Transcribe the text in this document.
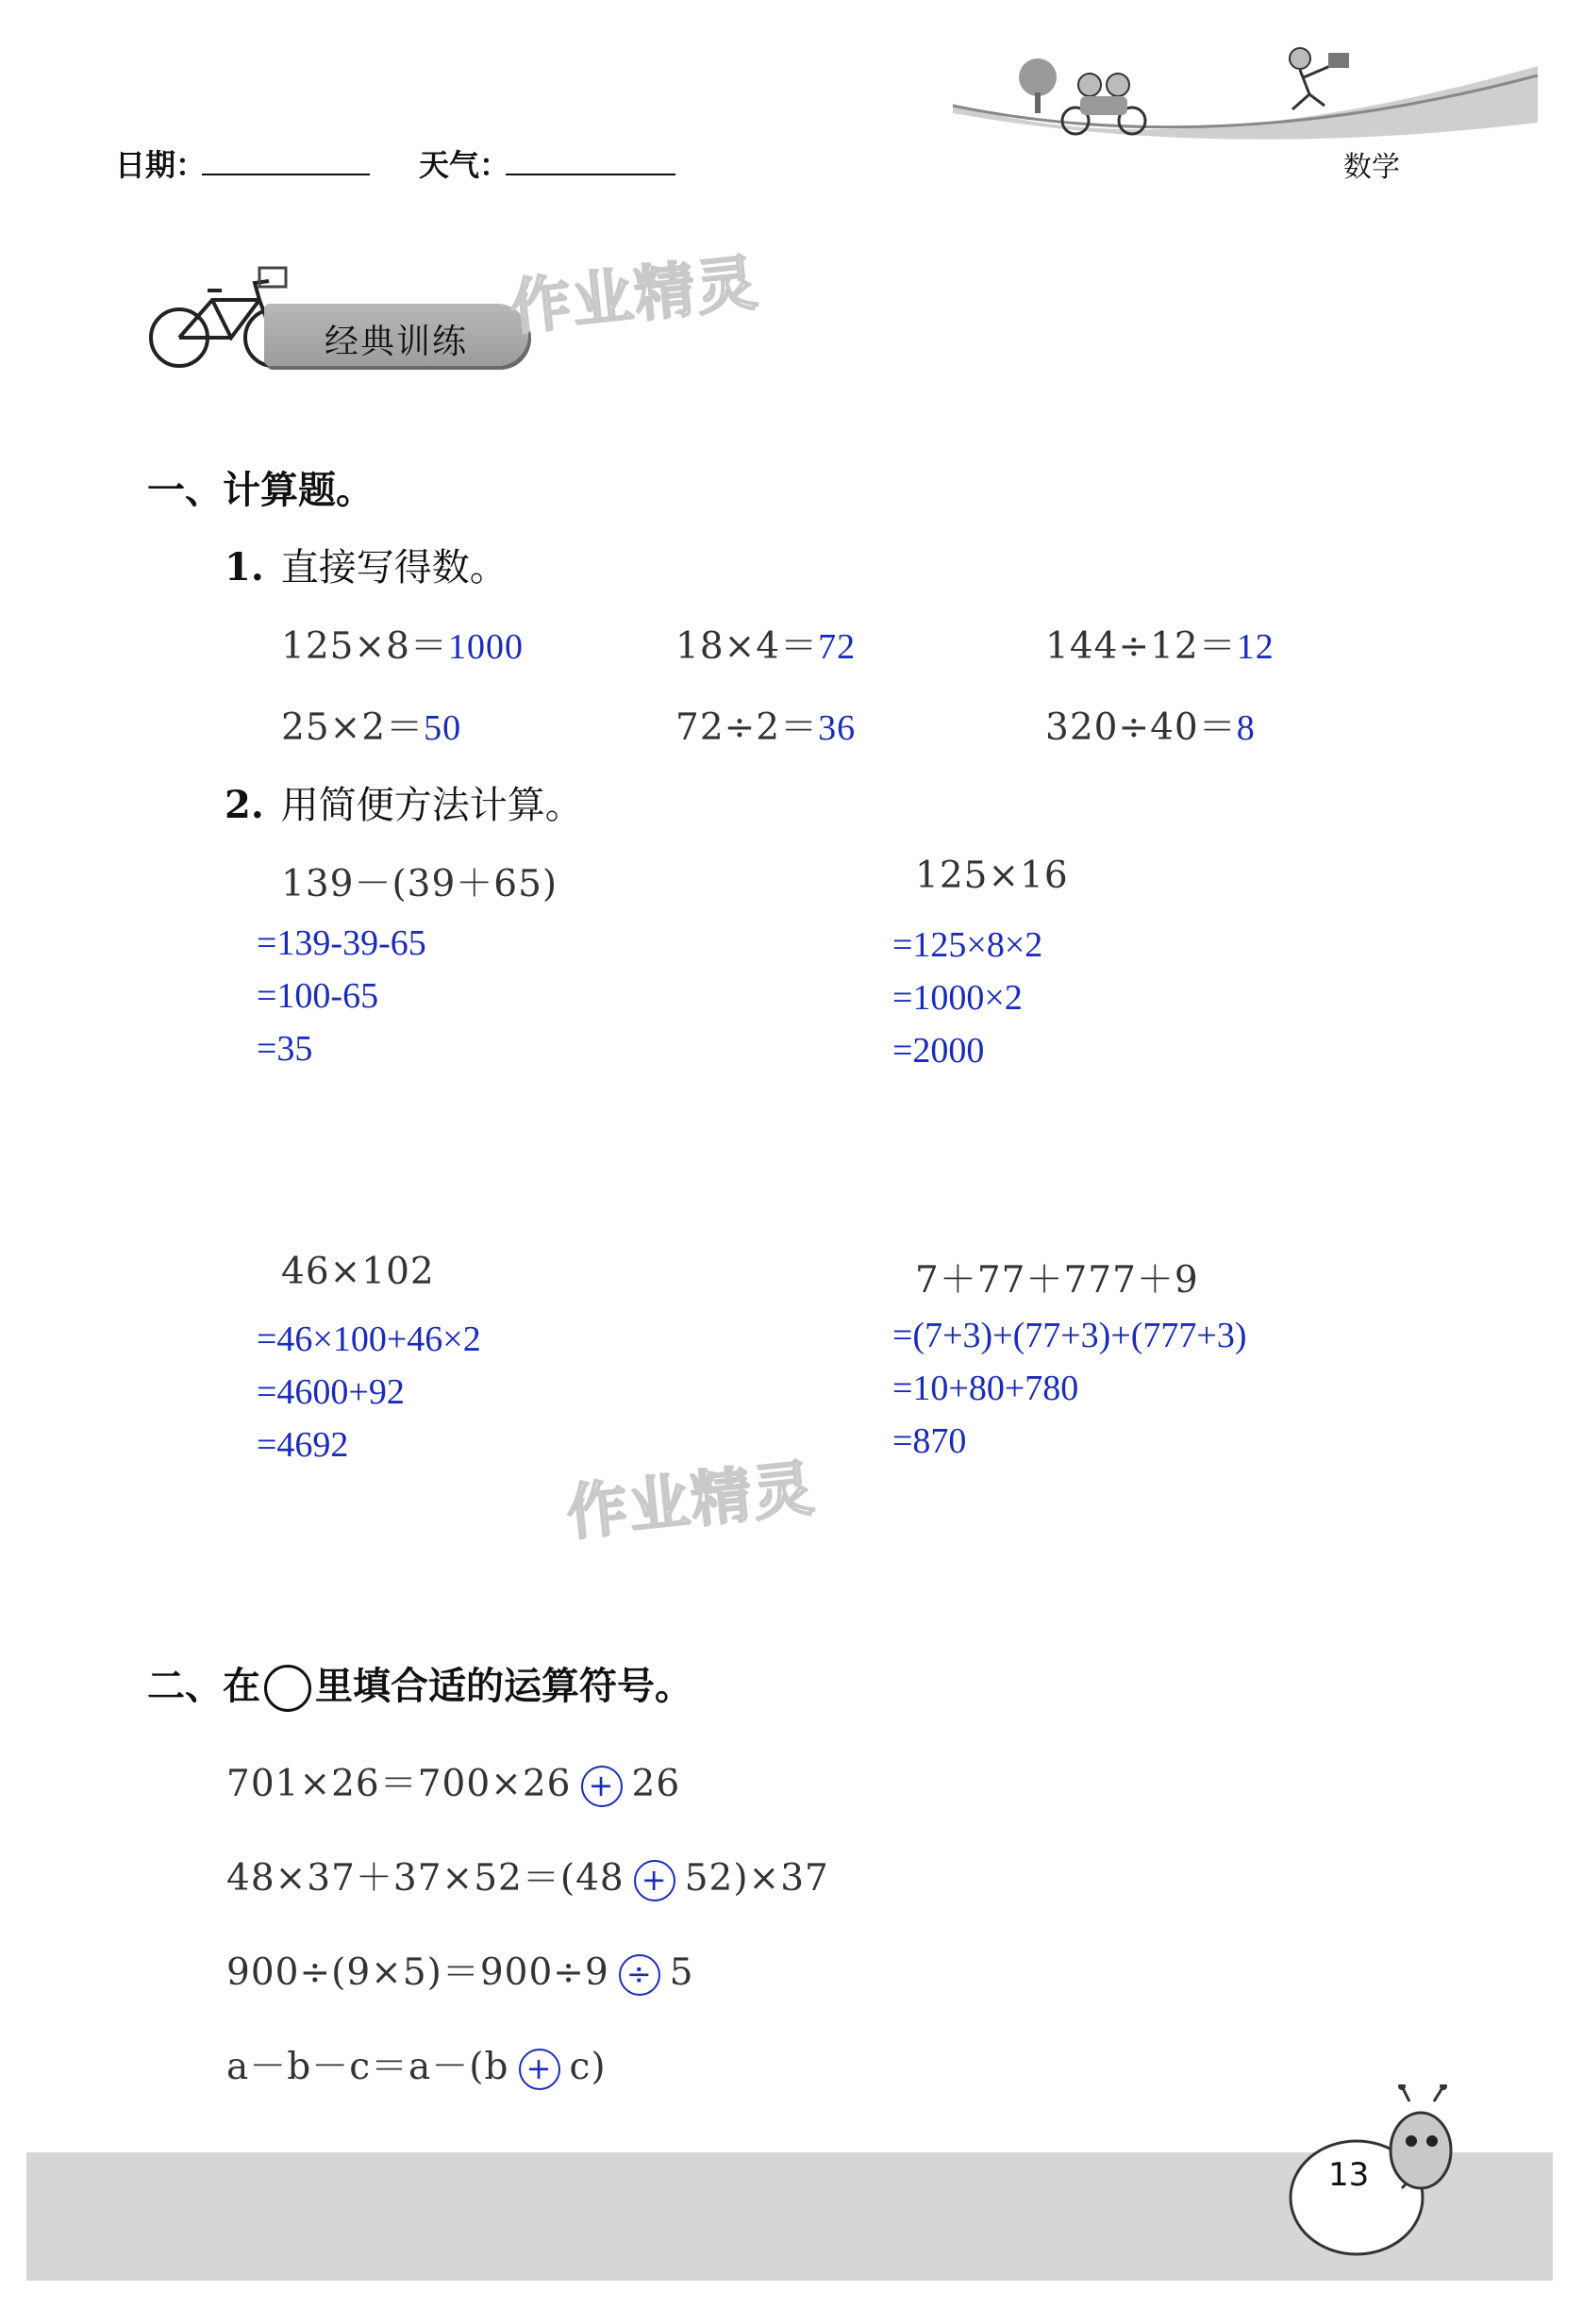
日期：	天气：	数学
经典训练 作业精灵
作业精灵
一、计算题。
1. 直接写得数。
125×8＝1000	18×4＝72	144÷12＝12
25×2＝50	72÷2＝36	320÷40＝8
2. 用简便方法计算。
139－(39＋65)
=139-39-65
=100-65
=35
125×16
=125×8×2
=1000×2
=2000
46×102
=46×100+46×2
=4600+92
=4692
7＋77＋777＋9
=(7+3)+(77+3)+(777+3)
=10+80+780
=870
二、在 里填合适的运算符号。
701×26＝700×26 + 26
48×37＋37×52＝(48 + 52)×37
900÷(9×5)＝900÷9 ÷ 5
a－b－c＝a－(b + c)
13
